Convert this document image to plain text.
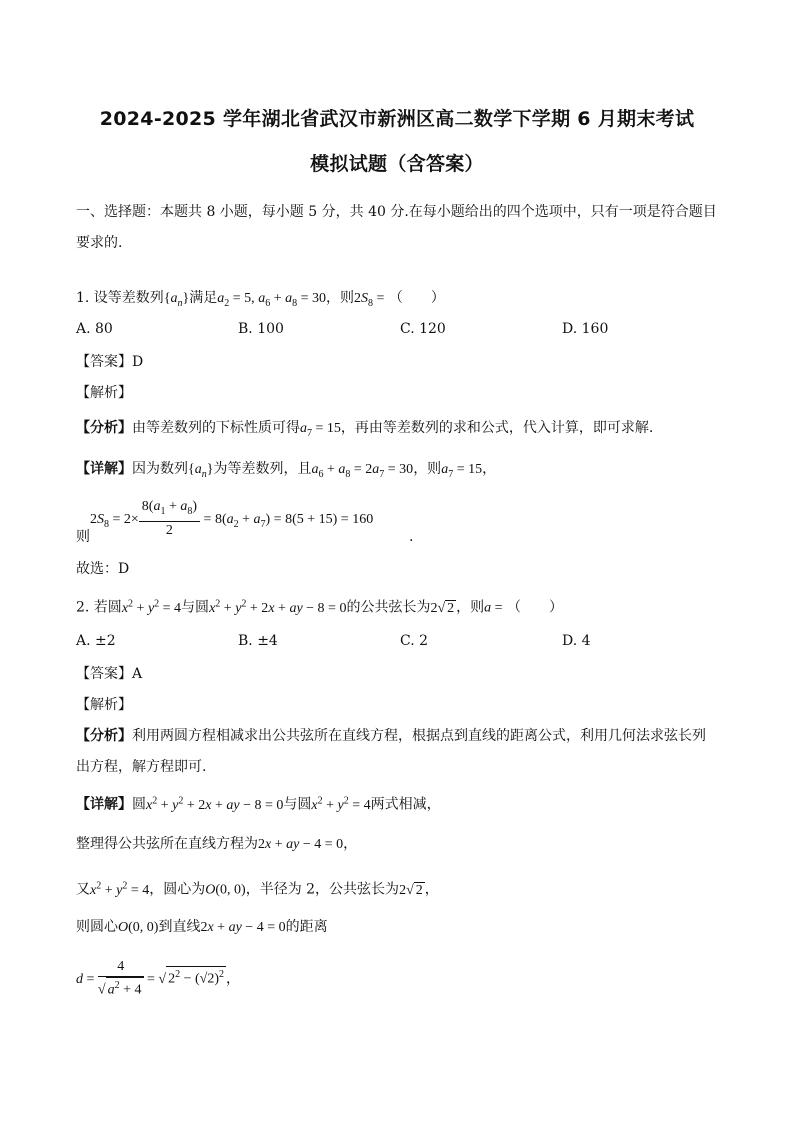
2024-2025 学年湖北省武汉市新洲区高二数学下学期 6 月期末考试
模拟试题（含答案）
一、选择题：本题共 8 小题，每小题 5 分，共 40 分.在每小题给出的四个选项中，只有一项是符合题目
要求的.
1. 设等差数列$\{a_n\}$满足$a_2 = 5$, $a_6 + a_8 = 30$，则$2S_8$ = （　　）
A. 80	B. 100	C. 120	D. 160
【答案】D
【解析】
【分析】由等差数列的下标性质可得$a_7 = 15$，再由等差数列的求和公式，代入计算，即可求解.
【详解】因为数列$\{a_n\}$为等差数列，且$a_6 + a_8 = 2a_7 = 30$，则$a_7 = 15$，
$2S_8 = 2\times \frac{8(a_1 + a_8)}{2} = 8(a_2 + a_7) = 8(5 + 15) = 160$
则	.
故选：D
2. 若圆$x^2 + y^2 = 4$与圆$x^2 + y^2 + 2x$ + ay − 8 = 0的公共弦长为2√ 2 ，则a = （　　）
A. ±2	B. ±4	C. 2	D. 4
【答案】A
【解析】
【分析】利用两圆方程相减求出公共弦所在直线方程，根据点到直线的距离公式，利用几何法求弦长列
出方程，解方程即可.
【详解】圆$x^2 + y^2 + 2x$ + ay − 8 = 0与圆$x^2 + y^2 = 4$两式相减，
整理得公共弦所在直线方程为2x + ay − 4 = 0，
又$x^2 + y^2 = 4$，圆心为O(0, 0)，半径为 2，公共弦长为2√ 2 ，
则圆心O(0, 0)到直线2x + ay − 4 = 0的距离
$d = \frac{4}{√ a^2 + 4}$ = √ $2^2 - (√2)^2$ ，
